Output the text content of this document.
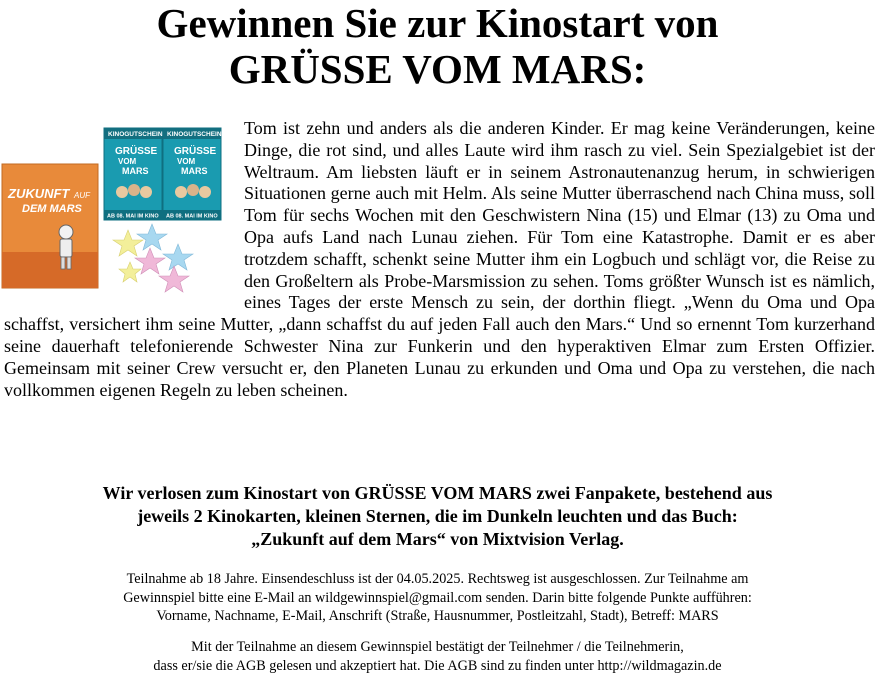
Gewinnen Sie zur Kinostart von
GRÜSSE VOM MARS:
ZUKUNFT AUF
DEM MARS
KINOGUTSCHEIN
GRÜSSE
VOM
MARS
AB 08. MAI IM KINO
KINOGUTSCHEIN
GRÜSSE
VOM
MARS
AB 08. MAI IM KINO

Tom ist zehn und anders als die anderen Kinder. Er mag keine Veränderungen, keine Dinge, die rot sind, und alles Laute wird ihm rasch zu viel. Sein Spezialgebiet ist der Weltraum. Am liebsten läuft er in seinem Astronautenanzug herum, in schwierigen Situationen gerne auch mit Helm. Als seine Mutter überraschend nach China muss, soll Tom für sechs Wochen mit den Geschwistern Nina (15) und Elmar (13) zu Oma und Opa aufs Land nach Lunau ziehen. Für Tom eine Katastrophe. Damit er es aber trotzdem schafft, schenkt seine Mutter ihm ein Logbuch und schlägt vor, die Reise zu den Großeltern als Probe-Marsmission zu sehen. Toms größter Wunsch ist es nämlich, eines Tages der erste Mensch zu sein, der dorthin fliegt. „Wenn du Oma und Opa schaffst, versichert ihm seine Mutter, „dann schaffst du auf jeden Fall auch den Mars.“ Und so ernennt Tom kurzerhand seine dauerhaft telefonierende Schwester Nina zur Funkerin und den hyperaktiven Elmar zum Ersten Offizier. Gemeinsam mit seiner Crew versucht er, den Planeten Lunau zu erkunden und Oma und Opa zu verstehen, die nach vollkommen eigenen Regeln zu leben scheinen.

Wir verlosen zum Kinostart von GRÜSSE VOM MARS zwei Fanpakete, bestehend aus
jeweils 2 Kinokarten, kleinen Sternen, die im Dunkeln leuchten und das Buch:
„Zukunft auf dem Mars“ von Mixtvision Verlag.
Teilnahme ab 18 Jahre. Einsendeschluss ist der 04.05.2025. Rechtsweg ist ausgeschlossen. Zur Teilnahme am
Gewinnspiel bitte eine E-Mail an wildgewinnspiel@gmail.com senden. Darin bitte folgende Punkte aufführen:
Vorname, Nachname, E-Mail, Anschrift (Straße, Hausnummer, Postleitzahl, Stadt), Betreff: MARS
Mit der Teilnahme an diesem Gewinnspiel bestätigt der Teilnehmer / die Teilnehmerin,
dass er/sie die AGB gelesen und akzeptiert hat. Die AGB sind zu finden unter http://wildmagazin.de
